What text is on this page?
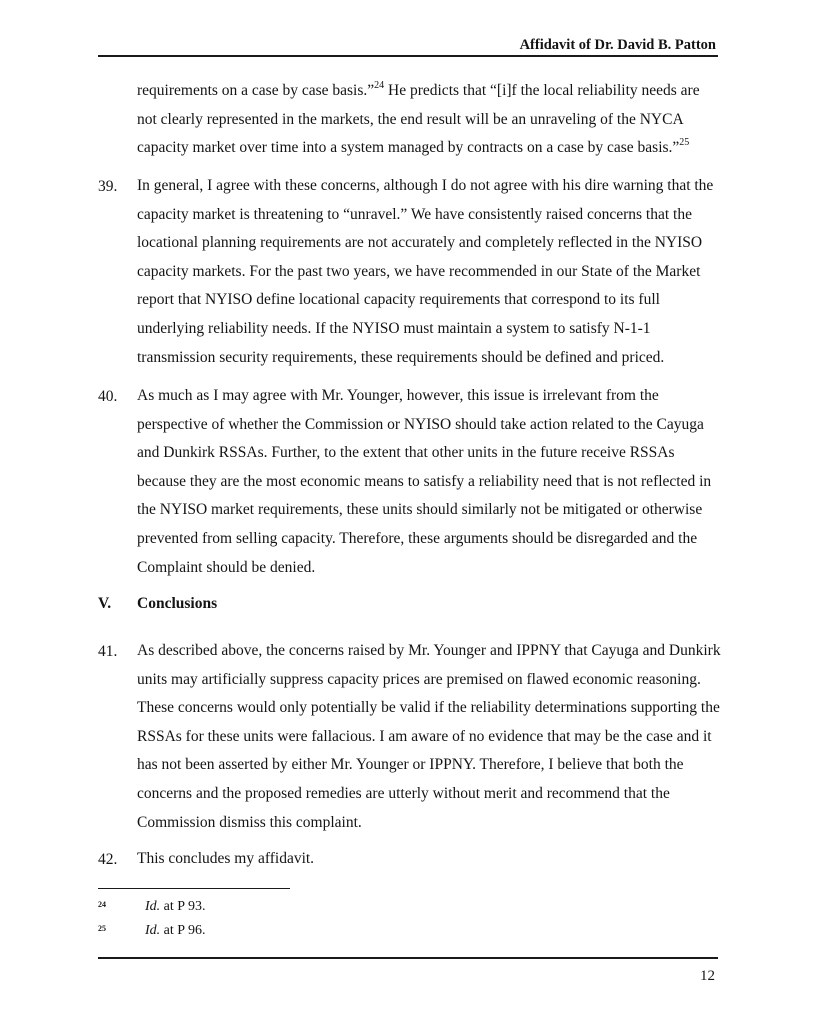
Affidavit of Dr. David B. Patton

requirements on a case by case basis.”$^{24}$ He predicts that “[i]f the local reliability needs are not clearly represented in the markets, the end result will be an unraveling of the NYCA capacity market over time into a system managed by contracts on a case by case basis.”$^{25}$

39. In general, I agree with these concerns, although I do not agree with his dire warning that the capacity market is threatening to “unravel.” We have consistently raised concerns that the locational planning requirements are not accurately and completely reflected in the NYISO capacity markets. For the past two years, we have recommended in our State of the Market report that NYISO define locational capacity requirements that correspond to its full underlying reliability needs. If the NYISO must maintain a system to satisfy N-1-1 transmission security requirements, these requirements should be defined and priced.

40. As much as I may agree with Mr. Younger, however, this issue is irrelevant from the perspective of whether the Commission or NYISO should take action related to the Cayuga and Dunkirk RSSAs. Further, to the extent that other units in the future receive RSSAs because they are the most economic means to satisfy a reliability need that is not reflected in the NYISO market requirements, these units should similarly not be mitigated or otherwise prevented from selling capacity. Therefore, these arguments should be disregarded and the Complaint should be denied.

V. Conclusions
41. As described above, the concerns raised by Mr. Younger and IPPNY that Cayuga and Dunkirk units may artificially suppress capacity prices are premised on flawed economic reasoning. These concerns would only potentially be valid if the reliability determinations supporting the RSSAs for these units were fallacious. I am aware of no evidence that may be the case and it has not been asserted by either Mr. Younger or IPPNY. Therefore, I believe that both the concerns and the proposed remedies are utterly without merit and recommend that the Commission dismiss this complaint.

42. This concludes my affidavit.

24	Id. at P 93.
25	Id. at P 96.
12
